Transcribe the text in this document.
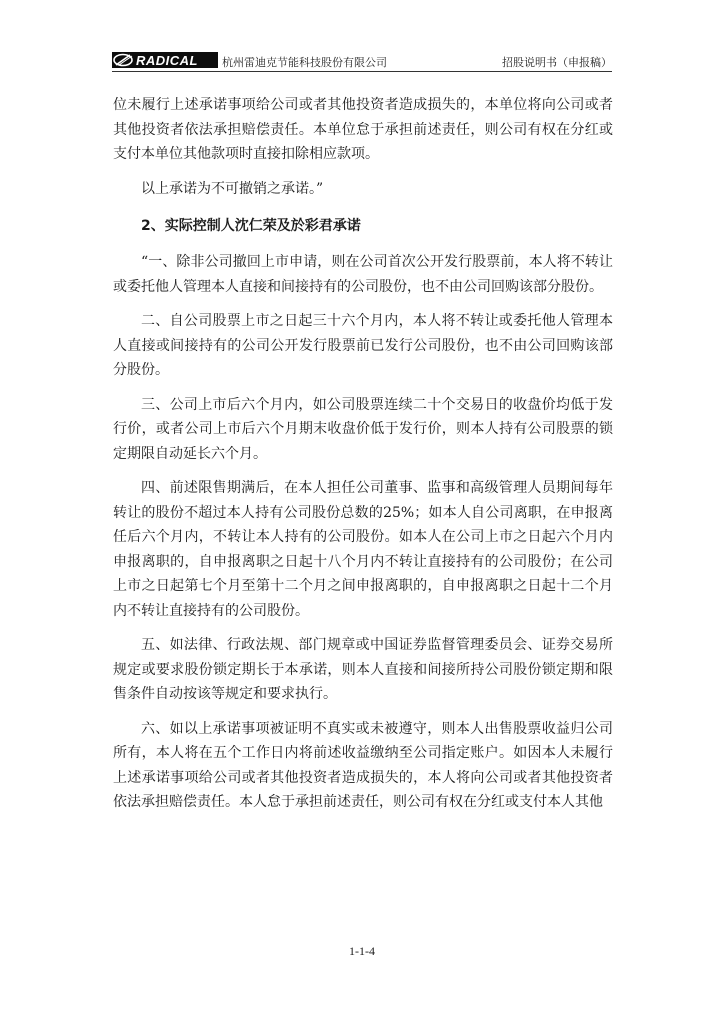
RADICAL 杭州雷迪克节能科技股份有限公司	招股说明书（申报稿）

位未履行上述承诺事项给公司或者其他投资者造成损失的，本单位将向公司或者其他投资者依法承担赔偿责任。本单位怠于承担前述责任，则公司有权在分红或支付本单位其他款项时直接扣除相应款项。

以上承诺为不可撤销之承诺。”

2、实际控制人沈仁荣及於彩君承诺

“一、除非公司撤回上市申请，则在公司首次公开发行股票前，本人将不转让或委托他人管理本人直接和间接持有的公司股份，也不由公司回购该部分股份。

二、自公司股票上市之日起三十六个月内，本人将不转让或委托他人管理本人直接或间接持有的公司公开发行股票前已发行公司股份，也不由公司回购该部分股份。

三、公司上市后六个月内，如公司股票连续二十个交易日的收盘价均低于发行价，或者公司上市后六个月期末收盘价低于发行价，则本人持有公司股票的锁定期限自动延长六个月。

四、前述限售期满后，在本人担任公司董事、监事和高级管理人员期间每年转让的股份不超过本人持有公司股份总数的25%；如本人自公司离职，在申报离任后六个月内，不转让本人持有的公司股份。如本人在公司上市之日起六个月内申报离职的，自申报离职之日起十八个月内不转让直接持有的公司股份；在公司上市之日起第七个月至第十二个月之间申报离职的，自申报离职之日起十二个月内不转让直接持有的公司股份。

五、如法律、行政法规、部门规章或中国证券监督管理委员会、证券交易所规定或要求股份锁定期长于本承诺，则本人直接和间接所持公司股份锁定期和限售条件自动按该等规定和要求执行。

六、如以上承诺事项被证明不真实或未被遵守，则本人出售股票收益归公司所有，本人将在五个工作日内将前述收益缴纳至公司指定账户。如因本人未履行上述承诺事项给公司或者其他投资者造成损失的，本人将向公司或者其他投资者依法承担赔偿责任。本人怠于承担前述责任，则公司有权在分红或支付本人其他

1-1-4
